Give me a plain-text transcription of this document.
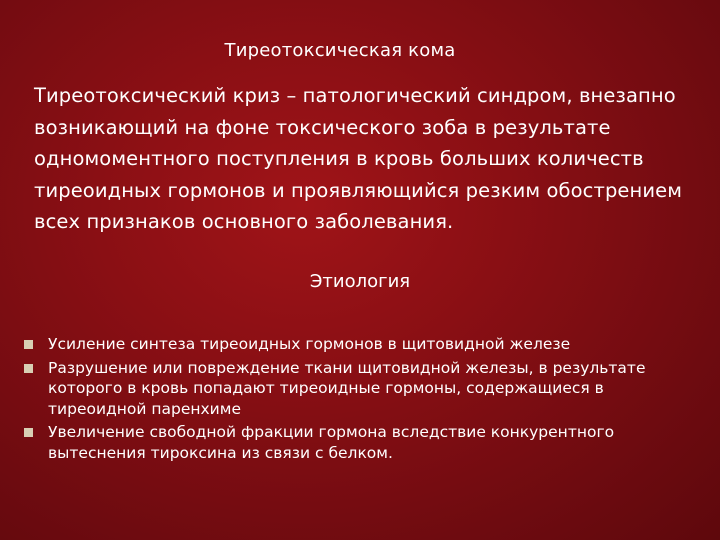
Тиреотоксическая кома
Тиреотоксический криз – патологический синдром, внезапно возникающий на фоне токсического зоба в результате одномоментного поступления в кровь больших количеств тиреоидных гормонов и проявляющийся резким обострением всех признаков основного заболевания.
Этиология
Усиление синтеза тиреоидных гормонов в щитовидной железе
Разрушение или повреждение ткани щитовидной железы, в результате которого в кровь попадают тиреоидные гормоны, содержащиеся в тиреоидной паренхиме
Увеличение свободной фракции гормона вследствие конкурентного вытеснения тироксина из связи с белком.
